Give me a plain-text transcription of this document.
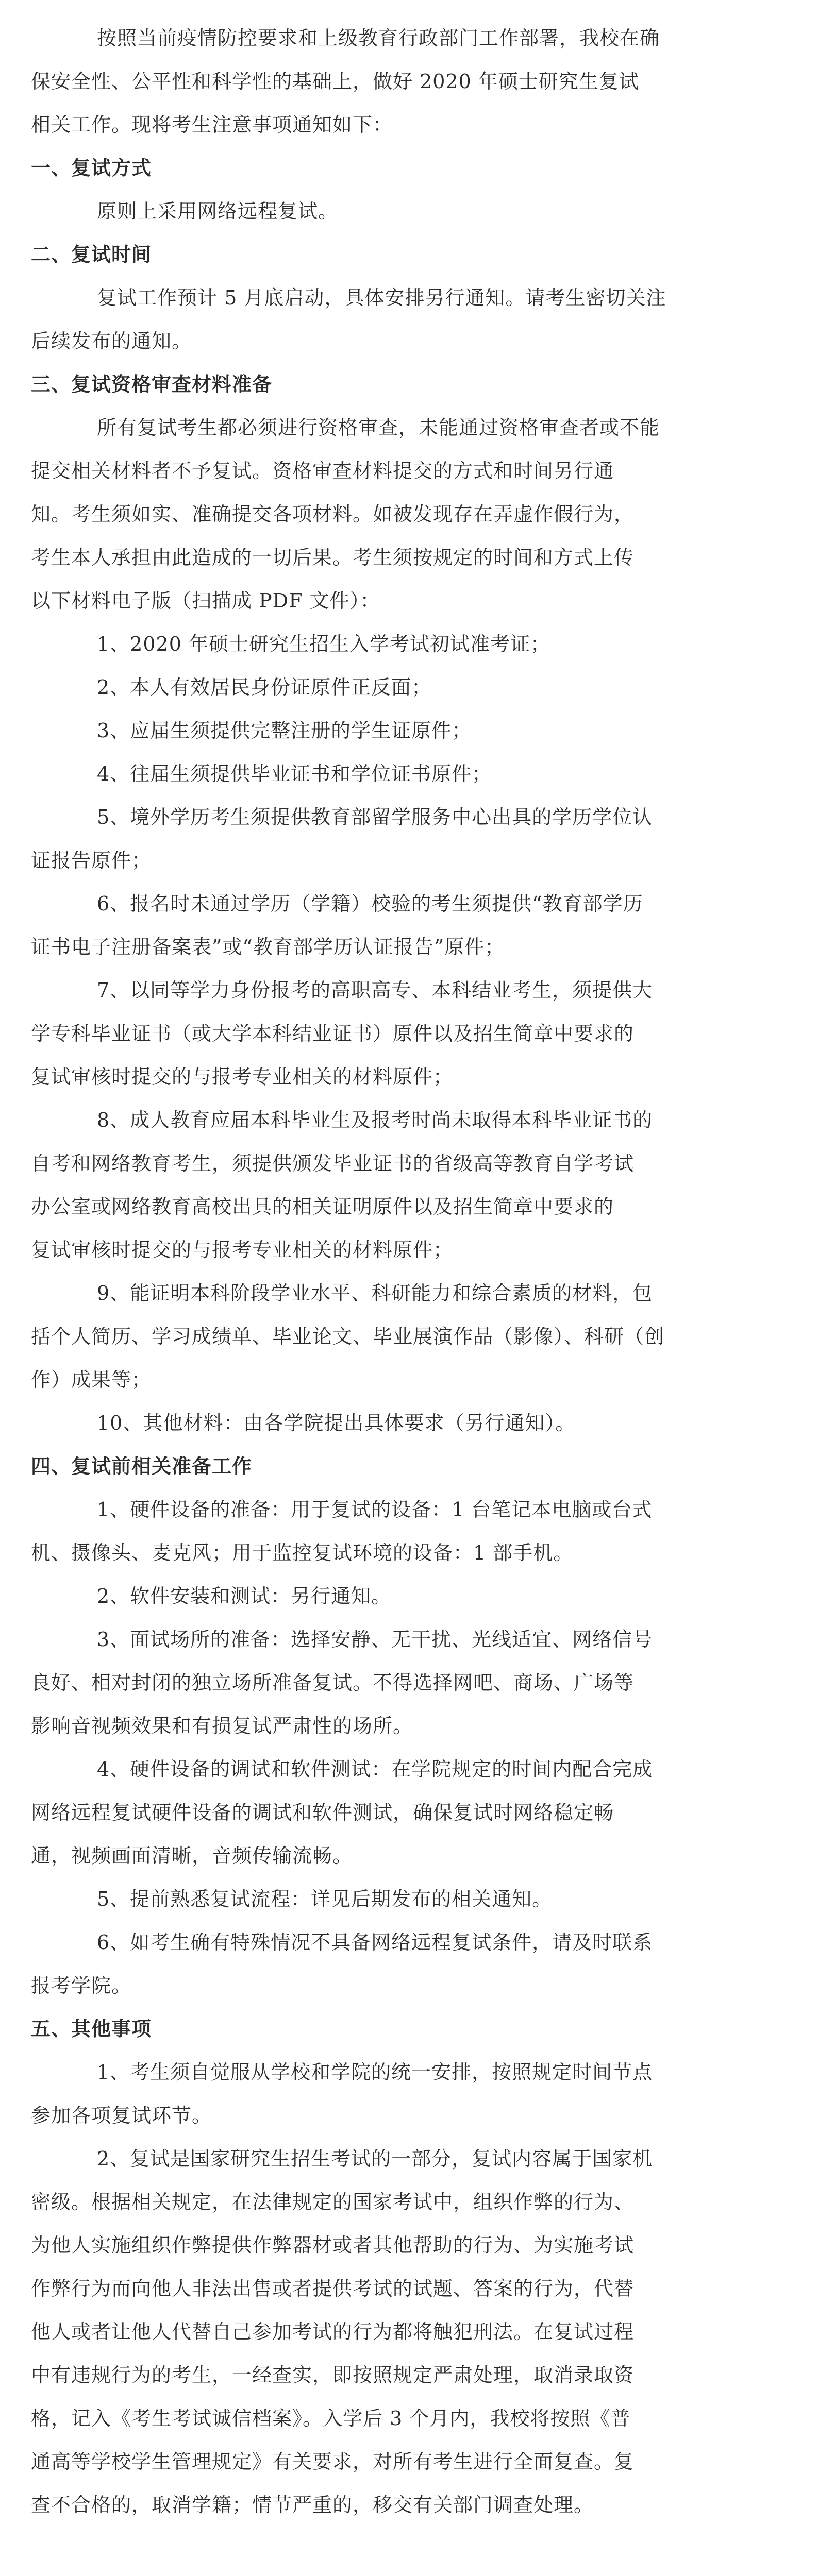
按照当前疫情防控要求和上级教育行政部门工作部署，我校在确
保安全性、公平性和科学性的基础上，做好 2020 年硕士研究生复试
相关工作。现将考生注意事项通知如下：
一、复试方式
原则上采用网络远程复试。
二、复试时间
复试工作预计 5 月底启动，具体安排另行通知。请考生密切关注
后续发布的通知。
三、复试资格审查材料准备
所有复试考生都必须进行资格审查，未能通过资格审查者或不能
提交相关材料者不予复试。资格审查材料提交的方式和时间另行通
知。考生须如实、准确提交各项材料。如被发现存在弄虚作假行为，
考生本人承担由此造成的一切后果。考生须按规定的时间和方式上传
以下材料电子版（扫描成 PDF 文件）：
1、2020 年硕士研究生招生入学考试初试准考证；
2、本人有效居民身份证原件正反面；
3、应届生须提供完整注册的学生证原件；
4、往届生须提供毕业证书和学位证书原件；
5、境外学历考生须提供教育部留学服务中心出具的学历学位认
证报告原件；
6、报名时未通过学历（学籍）校验的考生须提供“教育部学历
证书电子注册备案表”或“教育部学历认证报告”原件；
7、以同等学力身份报考的高职高专、本科结业考生，须提供大
学专科毕业证书（或大学本科结业证书）原件以及招生简章中要求的
复试审核时提交的与报考专业相关的材料原件；
8、成人教育应届本科毕业生及报考时尚未取得本科毕业证书的
自考和网络教育考生，须提供颁发毕业证书的省级高等教育自学考试
办公室或网络教育高校出具的相关证明原件以及招生简章中要求的
复试审核时提交的与报考专业相关的材料原件；
9、能证明本科阶段学业水平、科研能力和综合素质的材料，包
括个人简历、学习成绩单、毕业论文、毕业展演作品（影像）、科研（创
作）成果等；
10、其他材料：由各学院提出具体要求（另行通知）。
四、复试前相关准备工作
1、硬件设备的准备：用于复试的设备：1 台笔记本电脑或台式
机、摄像头、麦克风；用于监控复试环境的设备：1 部手机。
2、软件安装和测试：另行通知。
3、面试场所的准备：选择安静、无干扰、光线适宜、网络信号
良好、相对封闭的独立场所准备复试。不得选择网吧、商场、广场等
影响音视频效果和有损复试严肃性的场所。
4、硬件设备的调试和软件测试：在学院规定的时间内配合完成
网络远程复试硬件设备的调试和软件测试，确保复试时网络稳定畅
通，视频画面清晰，音频传输流畅。
5、提前熟悉复试流程：详见后期发布的相关通知。
6、如考生确有特殊情况不具备网络远程复试条件，请及时联系
报考学院。
五、其他事项
1、考生须自觉服从学校和学院的统一安排，按照规定时间节点
参加各项复试环节。
2、复试是国家研究生招生考试的一部分，复试内容属于国家机
密级。根据相关规定，在法律规定的国家考试中，组织作弊的行为、
为他人实施组织作弊提供作弊器材或者其他帮助的行为、为实施考试
作弊行为而向他人非法出售或者提供考试的试题、答案的行为，代替
他人或者让他人代替自己参加考试的行为都将触犯刑法。在复试过程
中有违规行为的考生，一经查实，即按照规定严肃处理，取消录取资
格，记入《考生考试诚信档案》。入学后 3 个月内，我校将按照《普
通高等学校学生管理规定》有关要求，对所有考生进行全面复查。复
查不合格的，取消学籍；情节严重的，移交有关部门调查处理。
